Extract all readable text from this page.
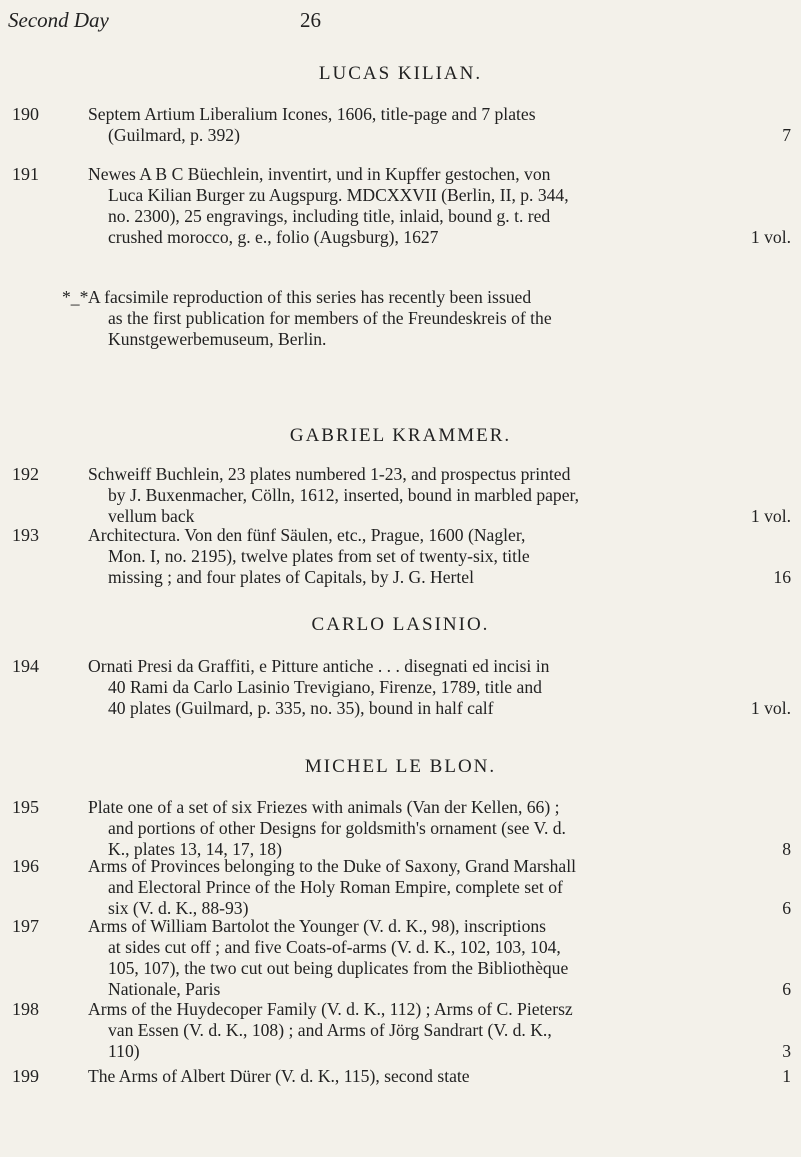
Second Day	26
LUCAS KILIAN.
190	Septem Artium Liberalium Icones, 1606, title-page and 7 plates
(Guilmard, p. 392)	7
191	Newes A B C Büechlein, inventirt, und in Kupffer gestochen, von
Luca Kilian Burger zu Augspurg. MDCXXVII (Berlin, II, p. 344,
no. 2300), 25 engravings, including title, inlaid, bound g. t. red
crushed morocco, g. e., folio (Augsburg), 1627	1 vol.
*_* A facsimile reproduction of this series has recently been issued
as the first publication for members of the Freundeskreis of the
Kunstgewerbemuseum, Berlin.
GABRIEL KRAMMER.
192	Schweiff Buchlein, 23 plates numbered 1-23, and prospectus printed
by J. Buxenmacher, Cölln, 1612, inserted, bound in marbled paper,
vellum back	1 vol.
193	Architectura. Von den fünf Säulen, etc., Prague, 1600 (Nagler,
Mon. I, no. 2195), twelve plates from set of twenty-six, title
missing ; and four plates of Capitals, by J. G. Hertel	16
CARLO LASINIO.
194	Ornati Presi da Graffiti, e Pitture antiche . . . disegnati ed incisi in
40 Rami da Carlo Lasinio Trevigiano, Firenze, 1789, title and
40 plates (Guilmard, p. 335, no. 35), bound in half calf	1 vol.
MICHEL LE BLON.
195	Plate one of a set of six Friezes with animals (Van der Kellen, 66) ;
and portions of other Designs for goldsmith's ornament (see V. d.
K., plates 13, 14, 17, 18)	8
196	Arms of Provinces belonging to the Duke of Saxony, Grand Marshall
and Electoral Prince of the Holy Roman Empire, complete set of
six (V. d. K., 88-93)	6
197	Arms of William Bartolot the Younger (V. d. K., 98), inscriptions
at sides cut off ; and five Coats-of-arms (V. d. K., 102, 103, 104,
105, 107), the two cut out being duplicates from the Bibliothèque
Nationale, Paris	6
198	Arms of the Huydecoper Family (V. d. K., 112) ; Arms of C. Pietersz
van Essen (V. d. K., 108) ; and Arms of Jörg Sandrart (V. d. K.,
110)	3
199	The Arms of Albert Dürer (V. d. K., 115), second state	1
